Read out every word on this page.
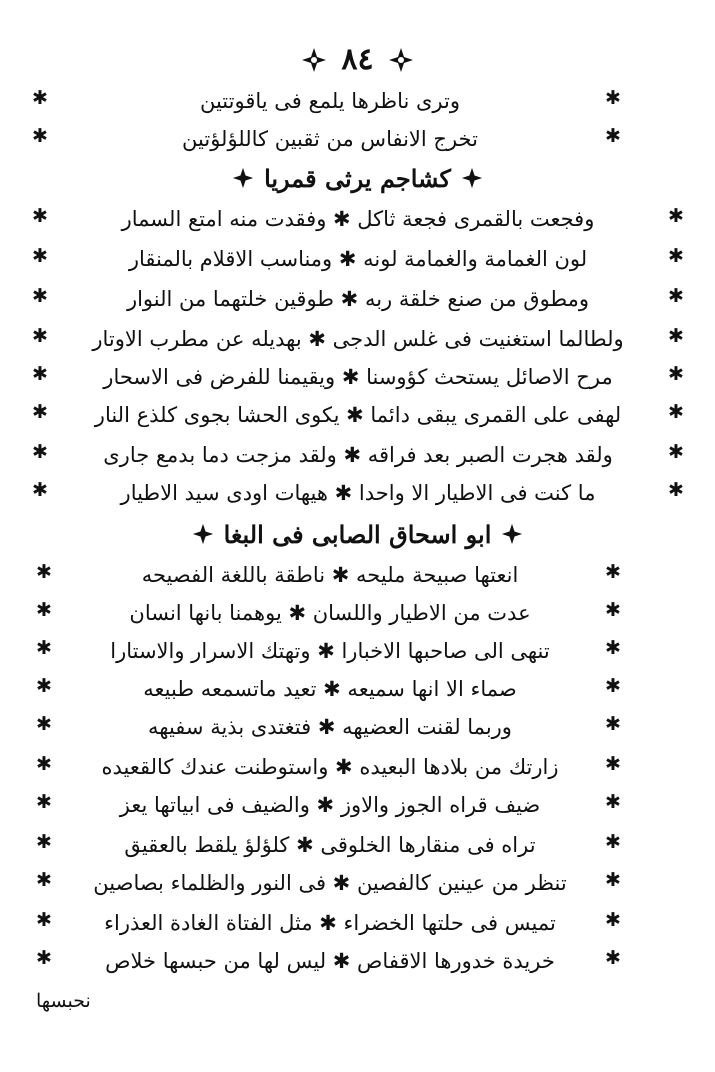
٨٤
✱	وترى ناظرها يلمع فى ياقوتتين	✱
✱	تخرج الانفاس من ثقبين كاللؤلؤتين	✱
كشاجم يرثى قمريا
✱	وفجعت بالقمرى فجعة ثاكل ✱ وفقدت منه امتع السمار	✱
✱	لون الغمامة والغمامة لونه ✱ ومناسب الاقلام بالمنقار	✱
✱	ومطوق من صنع خلقة ربه ✱ طوقين خلتهما من النوار	✱
✱	ولطالما استغنيت فى غلس الدجى ✱ بهديله عن مطرب الاوتار	✱
✱	مرح الاصائل يستحث كؤوسنا ✱ ويقيمنا للفرض فى الاسحار	✱
✱	لهفى على القمرى يبقى دائما ✱ يكوى الحشا بجوى كلذع النار	✱
✱	ولقد هجرت الصبر بعد فراقه ✱ ولقد مزجت دما بدمع جارى	✱
✱	ما كنت فى الاطيار الا واحدا ✱ هيهات اودى سيد الاطيار	✱
ابو اسحاق الصابى فى البغا
✱	انعتها صبيحة مليحه ✱ ناطقة باللغة الفصيحه	✱
✱	عدت من الاطيار واللسان ✱ يوهمنا بانها انسان	✱
✱	تنهى الى صاحبها الاخبارا ✱ وتهتك الاسرار والاستارا	✱
✱	صماء الا انها سميعه ✱ تعيد ماتسمعه طبيعه	✱
✱	وربما لقنت العضيهه ✱ فتغتدى بذية سفيهه	✱
✱	زارتك من بلادها البعيده ✱ واستوطنت عندك كالقعيده	✱
✱	ضيف قراه الجوز والاوز ✱ والضيف فى ابياتها يعز	✱
✱	تراه فى منقارها الخلوقى ✱ كلؤلؤ يلقط بالعقيق	✱
✱	تنظر من عينين كالفصين ✱ فى النور والظلماء بصاصين	✱
✱	تميس فى حلتها الخضراء ✱ مثل الفتاة الغادة العذراء	✱
✱	خريدة خدورها الاقفاص ✱ ليس لها من حبسها خلاص	✱
نحبسها
